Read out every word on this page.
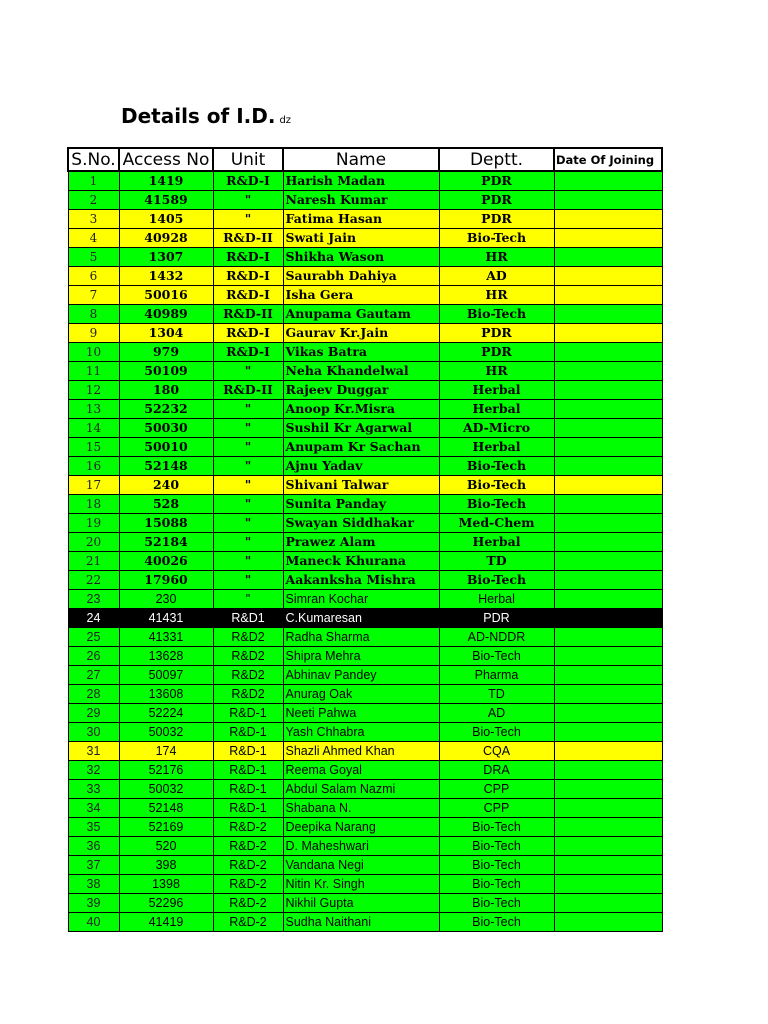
Details of I.D. dz
S.No.	Access No	Unit	Name	Deptt.	Date Of Joining
1	1419	R&D-I	Harish Madan	PDR	
2	41589	"	Naresh Kumar	PDR	
3	1405	"	Fatima Hasan	PDR	
4	40928	R&D-II	Swati Jain	Bio-Tech	
5	1307	R&D-I	Shikha Wason	HR	
6	1432	R&D-I	Saurabh Dahiya	AD	
7	50016	R&D-I	Isha Gera	HR	
8	40989	R&D-II	Anupama Gautam	Bio-Tech	
9	1304	R&D-I	Gaurav Kr.Jain	PDR	
10	979	R&D-I	Vikas Batra	PDR	
11	50109	"	Neha Khandelwal	HR	
12	180	R&D-II	Rajeev Duggar	Herbal	
13	52232	"	Anoop Kr.Misra	Herbal	
14	50030	"	Sushil Kr Agarwal	AD-Micro	
15	50010	"	Anupam Kr Sachan	Herbal	
16	52148	"	Ajnu Yadav	Bio-Tech	
17	240	"	Shivani Talwar	Bio-Tech	
18	528	"	Sunita Panday	Bio-Tech	
19	15088	"	Swayan Siddhakar	Med-Chem	
20	52184	"	Prawez Alam	Herbal	
21	40026	"	Maneck Khurana	TD	
22	17960	"	Aakanksha Mishra	Bio-Tech	
23	230	"	Simran Kochar	Herbal	
24	41431	R&D1	C.Kumaresan	PDR	
25	41331	R&D2	Radha Sharma	AD-NDDR	
26	13628	R&D2	Shipra Mehra	Bio-Tech	
27	50097	R&D2	Abhinav Pandey	Pharma	
28	13608	R&D2	Anurag Oak	TD	
29	52224	R&D-1	Neeti Pahwa	AD	
30	50032	R&D-1	Yash Chhabra	Bio-Tech	
31	174	R&D-1	Shazli Ahmed Khan	CQA	
32	52176	R&D-1	Reema Goyal	DRA	
33	50032	R&D-1	Abdul Salam Nazmi	CPP	
34	52148	R&D-1	Shabana N.	CPP	
35	52169	R&D-2	Deepika Narang	Bio-Tech	
36	520	R&D-2	D. Maheshwari	Bio-Tech	
37	398	R&D-2	Vandana Negi	Bio-Tech	
38	1398	R&D-2	Nitin Kr. Singh	Bio-Tech	
39	52296	R&D-2	Nikhil Gupta	Bio-Tech	
40	41419	R&D-2	Sudha Naithani	Bio-Tech	
